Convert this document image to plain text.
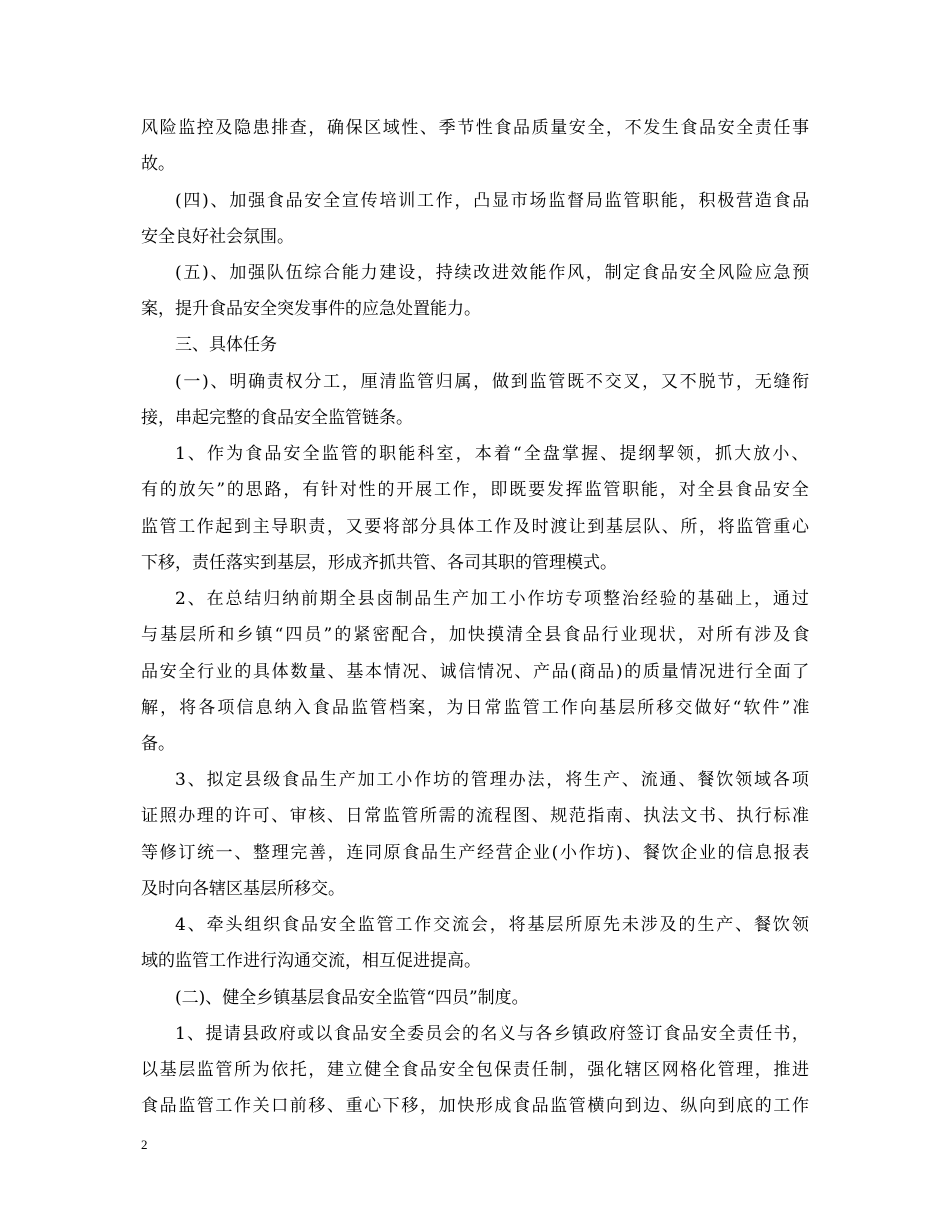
风险监控及隐患排查，确保区域性、季节性食品质量安全，不发生食品安全责任事
故。
(四)、加强食品安全宣传培训工作，凸显市场监督局监管职能，积极营造食品
安全良好社会氛围。
(五)、加强队伍综合能力建设，持续改进效能作风，制定食品安全风险应急预
案，提升食品安全突发事件的应急处置能力。
三、具体任务
(一)、明确责权分工，厘清监管归属，做到监管既不交叉，又不脱节，无缝衔
接，串起完整的食品安全监管链条。
1、作为食品安全监管的职能科室，本着“全盘掌握、提纲挈领，抓大放小、
有的放矢”的思路，有针对性的开展工作，即既要发挥监管职能，对全县食品安全
监管工作起到主导职责，又要将部分具体工作及时渡让到基层队、所，将监管重心
下移，责任落实到基层，形成齐抓共管、各司其职的管理模式。
2、在总结归纳前期全县卤制品生产加工小作坊专项整治经验的基础上，通过
与基层所和乡镇“四员”的紧密配合，加快摸清全县食品行业现状，对所有涉及食
品安全行业的具体数量、基本情况、诚信情况、产品(商品)的质量情况进行全面了
解，将各项信息纳入食品监管档案，为日常监管工作向基层所移交做好“软件”准
备。
3、拟定县级食品生产加工小作坊的管理办法，将生产、流通、餐饮领域各项
证照办理的许可、审核、日常监管所需的流程图、规范指南、执法文书、执行标准
等修订统一、整理完善，连同原食品生产经营企业(小作坊)、餐饮企业的信息报表
及时向各辖区基层所移交。
4、牵头组织食品安全监管工作交流会，将基层所原先未涉及的生产、餐饮领
域的监管工作进行沟通交流，相互促进提高。
(二)、健全乡镇基层食品安全监管“四员”制度。
1、提请县政府或以食品安全委员会的名义与各乡镇政府签订食品安全责任书，
以基层监管所为依托，建立健全食品安全包保责任制，强化辖区网格化管理，推进
食品监管工作关口前移、重心下移，加快形成食品监管横向到边、纵向到底的工作
2
